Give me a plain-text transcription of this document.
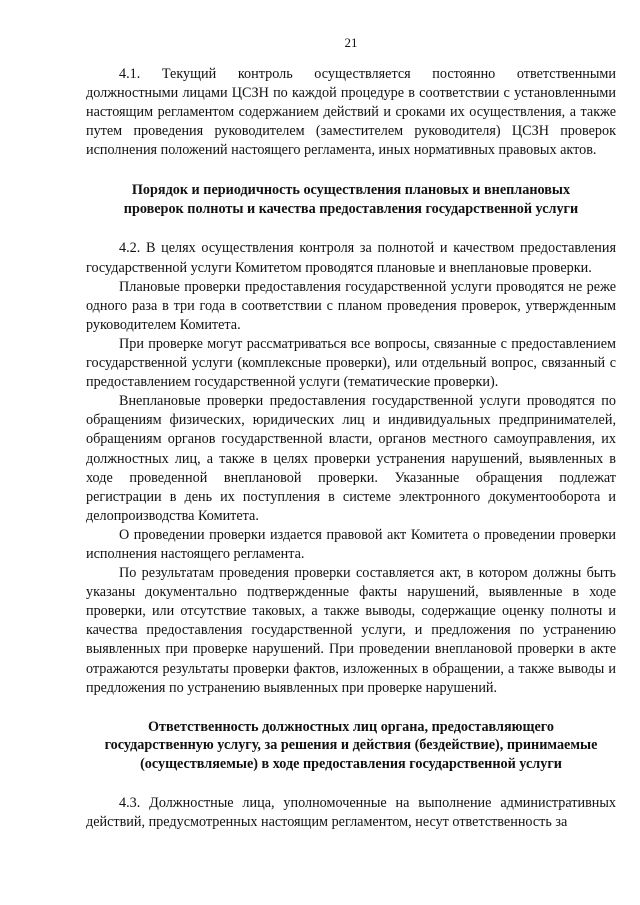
21

4.1. Текущий контроль осуществляется постоянно ответственными должностными лицами ЦСЗН по каждой процедуре в соответствии с установленными настоящим регламентом содержанием действий и сроками их осуществления, а также путем проведения руководителем (заместителем руководителя) ЦСЗН проверок исполнения положений настоящего регламента, иных нормативных правовых актов.

Порядок и периодичность осуществления плановых и внеплановых проверок полноты и качества предоставления государственной услуги

4.2. В целях осуществления контроля за полнотой и качеством предоставления государственной услуги Комитетом проводятся плановые и внеплановые проверки.

Плановые проверки предоставления государственной услуги проводятся не реже одного раза в три года в соответствии с планом проведения проверок, утвержденным руководителем Комитета.

При проверке могут рассматриваться все вопросы, связанные с предоставлением государственной услуги (комплексные проверки), или отдельный вопрос, связанный с предоставлением государственной услуги (тематические проверки).

Внеплановые проверки предоставления государственной услуги проводятся по обращениям физических, юридических лиц и индивидуальных предпринимателей, обращениям органов государственной власти, органов местного самоуправления, их должностных лиц, а также в целях проверки устранения нарушений, выявленных в ходе проведенной внеплановой проверки. Указанные обращения подлежат регистрации в день их поступления в системе электронного документооборота и делопроизводства Комитета.

О проведении проверки издается правовой акт Комитета о проведении проверки исполнения настоящего регламента.

По результатам проведения проверки составляется акт, в котором должны быть указаны документально подтвержденные факты нарушений, выявленные в ходе проверки, или отсутствие таковых, а также выводы, содержащие оценку полноты и качества предоставления государственной услуги, и предложения по устранению выявленных при проверке нарушений. При проведении внеплановой проверки в акте отражаются результаты проверки фактов, изложенных в обращении, а также выводы и предложения по устранению выявленных при проверке нарушений.

Ответственность должностных лиц органа, предоставляющего государственную услугу, за решения и действия (бездействие), принимаемые (осуществляемые) в ходе предоставления государственной услуги

4.3. Должностные лица, уполномоченные на выполнение административных действий, предусмотренных настоящим регламентом, несут ответственность за
